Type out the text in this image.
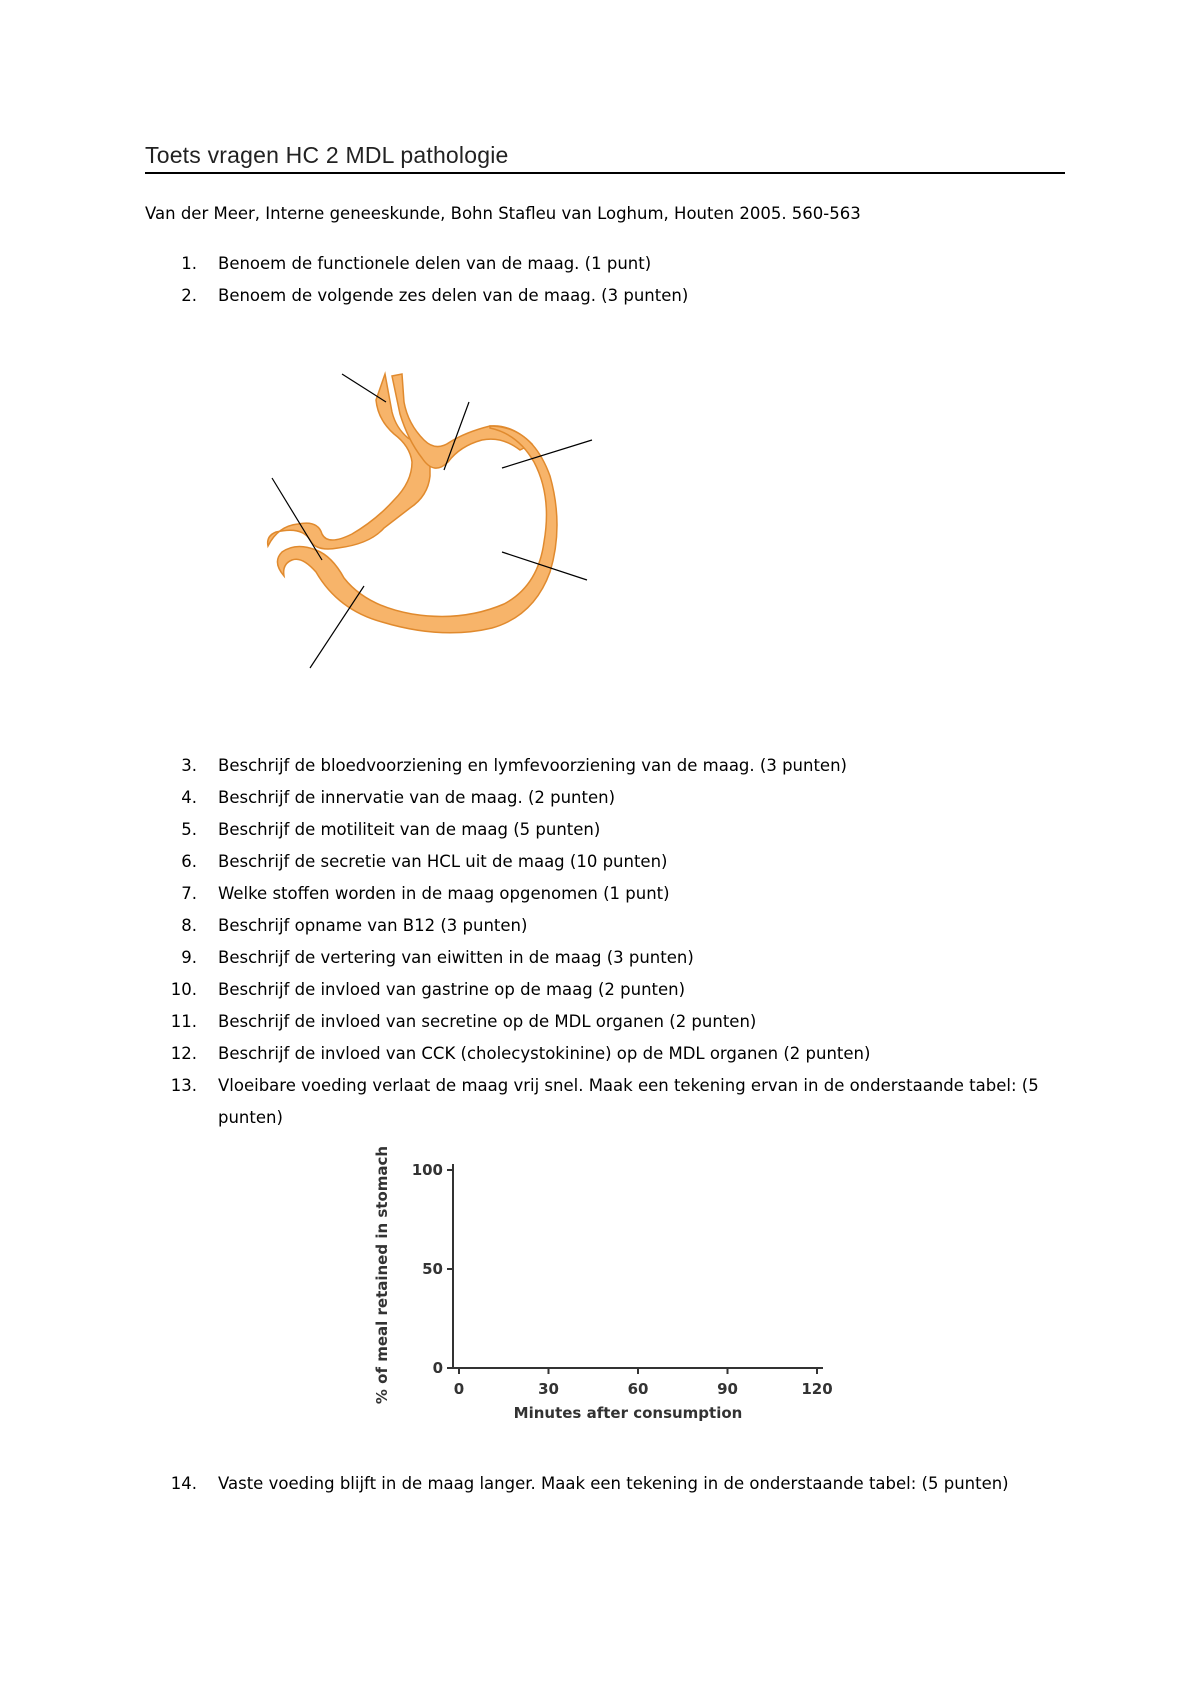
Toets vragen HC 2 MDL pathologie
Van der Meer, Interne geneeskunde, Bohn Stafleu van Loghum, Houten 2005. 560-563
1. Benoem de functionele delen van de maag. (1 punt)
2. Benoem de volgende zes delen van de maag. (3 punten)
3. Beschrijf de bloedvoorziening en lymfevoorziening van de maag. (3 punten)
4. Beschrijf de innervatie van de maag. (2 punten)
5. Beschrijf de motiliteit van de maag (5 punten)
6. Beschrijf de secretie van HCL uit de maag (10 punten)
7. Welke stoffen worden in de maag opgenomen (1 punt)
8. Beschrijf opname van B12 (3 punten)
9. Beschrijf de vertering van eiwitten in de maag (3 punten)
10. Beschrijf de invloed van gastrine op de maag (2 punten)
11. Beschrijf de invloed van secretine op de MDL organen (2 punten)
12. Beschrijf de invloed van CCK (cholecystokinine) op de MDL organen (2 punten)
13. Vloeibare voeding verlaat de maag vrij snel. Maak een tekening ervan in de onderstaande tabel: (5 punten)
0	30	60	90	120
0
50
100
Minutes after consumption
% of meal retained in stomach
14. Vaste voeding blijft in de maag langer. Maak een tekening in de onderstaande tabel: (5 punten)
